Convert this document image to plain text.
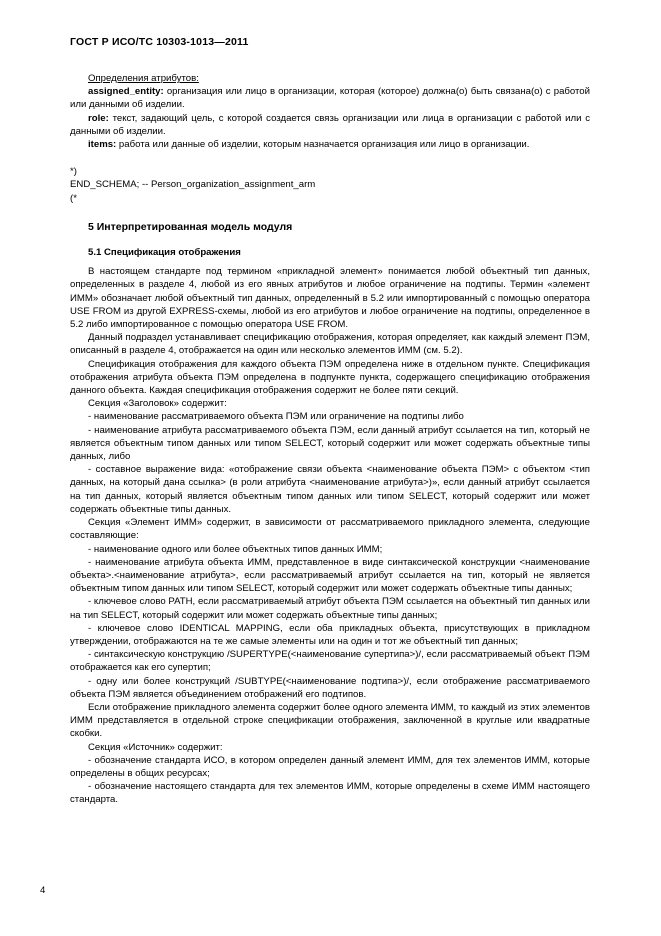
ГОСТ Р ИСО/ТС 10303-1013—2011

Определения атрибутов:

assigned_entity: организация или лицо в организации, которая (которое) должна(о) быть связана(о) с работой или данными об изделии.

role: текст, задающий цель, с которой создается связь организации или лица в организации с работой или с данными об изделии.

items: работа или данные об изделии, которым назначается организация или лицо в организации.

*)

END_SCHEMA; -- Person_organization_assignment_arm

(*

5 Интерпретированная модель модуля

5.1 Спецификация отображения

В настоящем стандарте под термином «прикладной элемент» понимается любой объектный тип данных, определенных в разделе 4, любой из его явных атрибутов и любое ограничение на подтипы. Термин «элемент ИММ» обозначает любой объектный тип данных, определенный в 5.2 или импортированный с помощью оператора USE FROM из другой EXPRESS-схемы, любой из его атрибутов и любое ограничение на подтипы, определенное в 5.2 либо импортированное с помощью оператора USE FROM.

Данный подраздел устанавливает спецификацию отображения, которая определяет, как каждый элемент ПЭМ, описанный в разделе 4, отображается на один или несколько элементов ИММ (см. 5.2).

Спецификация отображения для каждого объекта ПЭМ определена ниже в отдельном пункте. Спецификация отображения атрибута объекта ПЭМ определена в подпункте пункта, содержащего спецификацию отображения данного объекта. Каждая спецификация отображения содержит не более пяти секций.

Секция «Заголовок» содержит:

- наименование рассматриваемого объекта ПЭМ или ограничение на подтипы либо

- наименование атрибута рассматриваемого объекта ПЭМ, если данный атрибут ссылается на тип, который не является объектным типом данных или типом SELECT, который содержит или может содержать объектные типы данных, либо

- составное выражение вида: «отображение связи объекта <наименование объекта ПЭМ> с объектом <тип данных, на который дана ссылка> (в роли атрибута <наименование атрибута>)», если данный атрибут ссылается на тип данных, который является объектным типом данных или типом SELECT, который содержит или может содержать объектные типы данных.

Секция «Элемент ИММ» содержит, в зависимости от рассматриваемого прикладного элемента, следующие составляющие:

- наименование одного или более объектных типов данных ИММ;

- наименование атрибута объекта ИММ, представленное в виде синтаксической конструкции <наименование объекта>.<наименование атрибута>, если рассматриваемый атрибут ссылается на тип, который не является объектным типом данных или типом SELECT, который содержит или может содержать объектные типы данных;

- ключевое слово PATH, если рассматриваемый атрибут объекта ПЭМ ссылается на объектный тип данных или на тип SELECT, который содержит или может содержать объектные типы данных;

- ключевое слово IDENTICAL MAPPING, если оба прикладных объекта, присутствующих в прикладном утверждении, отображаются на те же самые элементы или на один и тот же объектный тип данных;

- синтаксическую конструкцию /SUPERTYPE(<наименование супертипа>)/, если рассматриваемый объект ПЭМ отображается как его супертип;

- одну или более конструкций /SUBTYPE(<наименование подтипа>)/, если отображение рассматриваемого объекта ПЭМ является объединением отображений его подтипов.

Если отображение прикладного элемента содержит более одного элемента ИММ, то каждый из этих элементов ИММ представляется в отдельной строке спецификации отображения, заключенной в круглые или квадратные скобки.

Секция «Источник» содержит:

- обозначение стандарта ИСО, в котором определен данный элемент ИММ, для тех элементов ИММ, которые определены в общих ресурсах;

- обозначение настоящего стандарта для тех элементов ИММ, которые определены в схеме ИММ настоящего стандарта.

4
